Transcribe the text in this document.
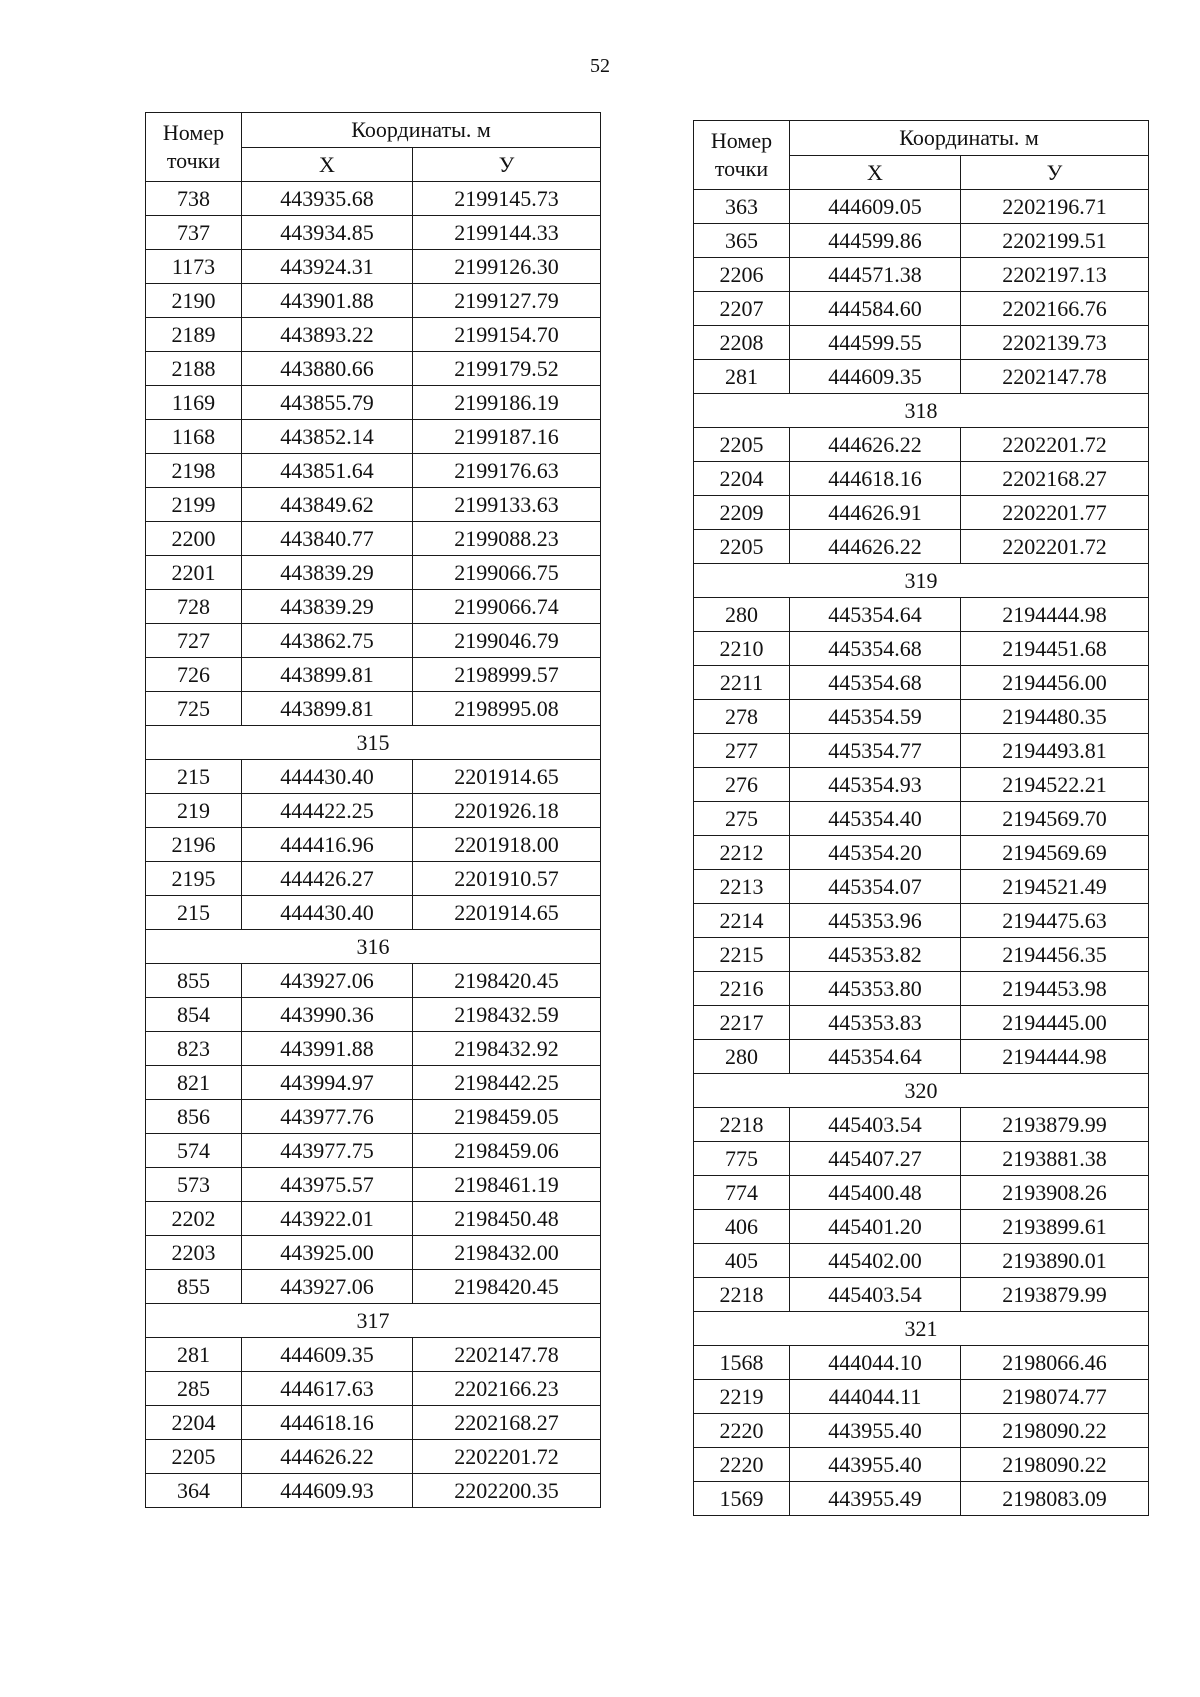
52
Номер
точки	Координаты. м	
	Х	У
738	443935.68	2199145.73
737	443934.85	2199144.33
1173	443924.31	2199126.30
2190	443901.88	2199127.79
2189	443893.22	2199154.70
2188	443880.66	2199179.52
1169	443855.79	2199186.19
1168	443852.14	2199187.16
2198	443851.64	2199176.63
2199	443849.62	2199133.63
2200	443840.77	2199088.23
2201	443839.29	2199066.75
728	443839.29	2199066.74
727	443862.75	2199046.79
726	443899.81	2198999.57
725	443899.81	2198995.08
315		
215	444430.40	2201914.65
219	444422.25	2201926.18
2196	444416.96	2201918.00
2195	444426.27	2201910.57
215	444430.40	2201914.65
316		
855	443927.06	2198420.45
854	443990.36	2198432.59
823	443991.88	2198432.92
821	443994.97	2198442.25
856	443977.76	2198459.05
574	443977.75	2198459.06
573	443975.57	2198461.19
2202	443922.01	2198450.48
2203	443925.00	2198432.00
855	443927.06	2198420.45
317		
281	444609.35	2202147.78
285	444617.63	2202166.23
2204	444618.16	2202168.27
2205	444626.22	2202201.72
364	444609.93	2202200.35
Номер
точки	Координаты. м	
	Х	У
363	444609.05	2202196.71
365	444599.86	2202199.51
2206	444571.38	2202197.13
2207	444584.60	2202166.76
2208	444599.55	2202139.73
281	444609.35	2202147.78
318		
2205	444626.22	2202201.72
2204	444618.16	2202168.27
2209	444626.91	2202201.77
2205	444626.22	2202201.72
319		
280	445354.64	2194444.98
2210	445354.68	2194451.68
2211	445354.68	2194456.00
278	445354.59	2194480.35
277	445354.77	2194493.81
276	445354.93	2194522.21
275	445354.40	2194569.70
2212	445354.20	2194569.69
2213	445354.07	2194521.49
2214	445353.96	2194475.63
2215	445353.82	2194456.35
2216	445353.80	2194453.98
2217	445353.83	2194445.00
280	445354.64	2194444.98
320		
2218	445403.54	2193879.99
775	445407.27	2193881.38
774	445400.48	2193908.26
406	445401.20	2193899.61
405	445402.00	2193890.01
2218	445403.54	2193879.99
321		
1568	444044.10	2198066.46
2219	444044.11	2198074.77
2220	443955.40	2198090.22
2220	443955.40	2198090.22
1569	443955.49	2198083.09
